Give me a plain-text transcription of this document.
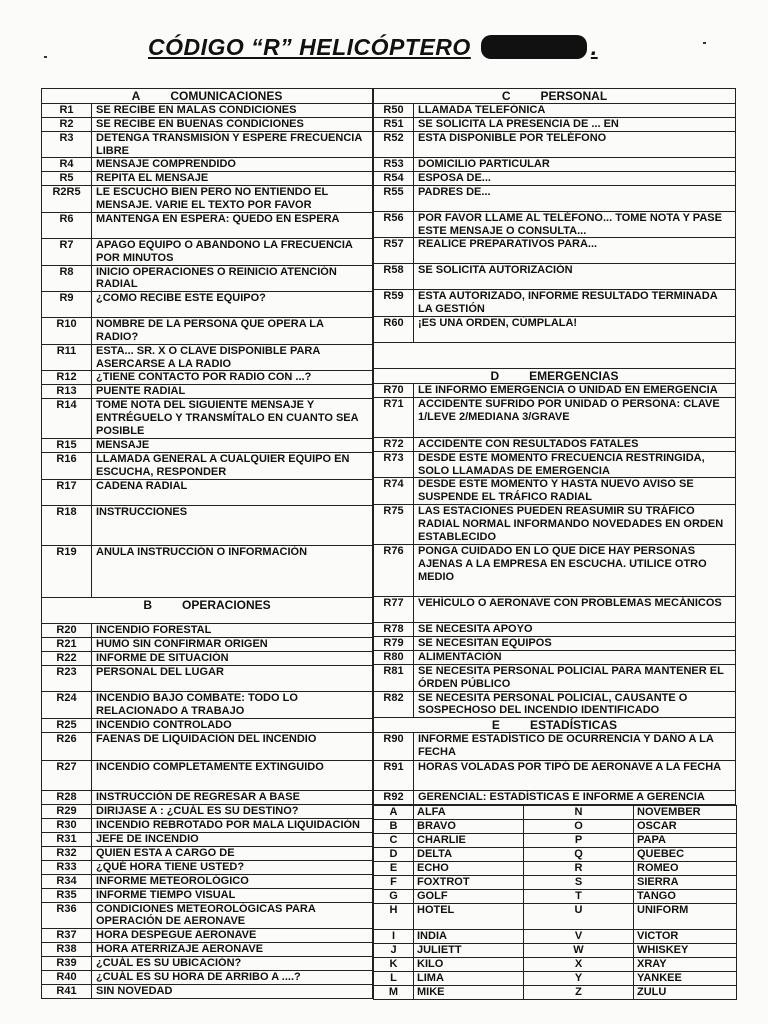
CÓDIGO “R” HELICÓPTERO	.
A COMUNICACIONES	
R1	SE RECIBE EN MALAS CONDICIONES
R2	SE RECIBE EN BUENAS CONDICIONES
R3	DETENGA TRANSMISIÓN Y ESPERE FRECUENCIA LIBRE
R4	MENSAJE COMPRENDIDO
R5	REPITA EL MENSAJE
R2R5	LE ESCUCHO BIEN PERO NO ENTIENDO EL MENSAJE. VARIE EL TEXTO POR FAVOR
R6	MANTENGA EN ESPERA: QUEDO EN ESPERA
R7	APAGO EQUIPO O ABANDONO LA FRECUENCIA POR MINUTOS
R8	INICIO OPERACIONES O REINICIO ATENCIÓN RADIAL
R9	¿COMO RECIBE ESTE EQUIPO?
R10	NOMBRE DE LA PERSONA QUE OPERA LA RADIO?
R11	ESTA... SR. X O CLAVE DISPONIBLE PARA ASERCARSE A LA RADIO
R12	¿TIENE CONTACTO POR RADIO CON ...?
R13	PUENTE RADIAL
R14	TOME NOTA DEL SIGUIENTE MENSAJE Y ENTRÉGUELO Y TRANSMÍTALO EN CUANTO SEA POSIBLE
R15	MENSAJE
R16	LLAMADA GENERAL A CUALQUIER EQUIPO EN ESCUCHA, RESPONDER
R17	CADENA RADIAL
R18	INSTRUCCIONES
R19	ANULA INSTRUCCIÓN O INFORMACIÓN
B OPERACIONES	
R20	INCENDIO FORESTAL
R21	HUMO SIN CONFIRMAR ORIGEN
R22	INFORME DE SITUACIÓN
R23	PERSONAL DEL LUGAR
R24	INCENDIO BAJO COMBATE: TODO LO RELACIONADO A TRABAJO
R25	INCENDIO CONTROLADO
R26	FAENAS DE LIQUIDACIÓN DEL INCENDIO
R27	INCENDIO COMPLETAMENTE EXTINGUIDO
R28	INSTRUCCIÓN DE REGRESAR A BASE
R29	DIRIJASE A : ¿CUÁL ES SU DESTINO?
R30	INCENDIO REBROTADO POR MALA LIQUIDACIÓN
R31	JEFE DE INCENDIO
R32	QUIEN ESTA A CARGO DE
R33	¿QUÉ HORA TIENE USTED?
R34	INFORME METEOROLÓGICO
R35	INFORME TIEMPO VISUAL
R36	CONDICIONES METEOROLÓGICAS PARA OPERACIÓN DE AERONAVE
R37	HORA DESPEGUE AERONAVE
R38	HORA ATERRIZAJE AERONAVE
R39	¿CUÁL ES SU UBICACIÓN?
R40	¿CUÁL ES SU HORA DE ARRIBO A ....?
R41	SIN NOVEDAD
C PERSONAL	
R50	LLAMADA TELEFÓNICA
R51	SE SOLICITA LA PRESENCIA DE ... EN
R52	ESTA DISPONIBLE POR TELÉFONO
R53	DOMICILIO PARTICULAR
R54	ESPOSA DE...
R55	PADRES DE...
R56	POR FAVOR LLAME AL TELÉFONO... TOME NOTA Y PASE ESTE MENSAJE O CONSULTA...
R57	REALICE PREPARATIVOS PARA...
R58	SE SOLICITA AUTORIZACIÓN
R59	ESTA AUTORIZADO, INFORME RESULTADO TERMINADA LA GESTIÓN
R60	¡ES UNA ORDEN, CÚMPLALA!

D EMERGENCIAS	
R70	LE INFORMO EMERGENCIA O UNIDAD EN EMERGENCIA
R71	ACCIDENTE SUFRIDO POR UNIDAD O PERSONA: CLAVE 1/LEVE 2/MEDIANA 3/GRAVE
R72	ACCIDENTE CON RESULTADOS FATALES
R73	DESDE ESTE MOMENTO FRECUENCIA RESTRINGIDA, SOLO LLAMADAS DE EMERGENCIA
R74	DESDE ESTE MOMENTO Y HASTA NUEVO AVISO SE SUSPENDE EL TRÁFICO RADIAL
R75	LAS ESTACIONES PUEDEN REASUMIR SU TRÁFICO RADIAL NORMAL INFORMANDO NOVEDADES EN ORDEN ESTABLECIDO
R76	PONGA CUIDADO EN LO QUE DICE HAY PERSONAS AJENAS A LA EMPRESA EN ESCUCHA. UTILICE OTRO MEDIO
R77	VEHÍCULO O AERONAVE CON PROBLEMAS MECÁNICOS
R78	SE NECESITA APOYO
R79	SE NECESITAN EQUIPOS
R80	ALIMENTACIÓN
R81	SE NECESITA PERSONAL POLICIAL PARA MANTENER EL ÓRDEN PÚBLICO
R82	SE NECESITA PERSONAL POLICIAL, CAUSANTE O SOSPECHOSO DEL INCENDIO IDENTIFICADO
E ESTADÍSTICAS	
R90	INFORME ESTADÍSTICO DE OCURRENCIA Y DAÑO A LA FECHA
R91	HORAS VOLADAS POR TIPÓ DE AERONAVE A LA FECHA
R92	GERENCIAL: ESTADÍSTICAS E INFORME A GERENCIA
A	ALFA	N	NOVEMBER
B	BRAVO	O	OSCAR
C	CHARLIE	P	PAPA
D	DELTA	Q	QUEBEC
E	ECHO	R	ROMEO
F	FOXTROT	S	SIERRA
G	GOLF	T	TANGO
H	HOTEL	U	UNIFORM
I	INDIA	V	VICTOR
J	JULIETT	W	WHISKEY
K	KILO	X	XRAY
L	LIMA	Y	YANKEE
M	MIKE	Z	ZULU
